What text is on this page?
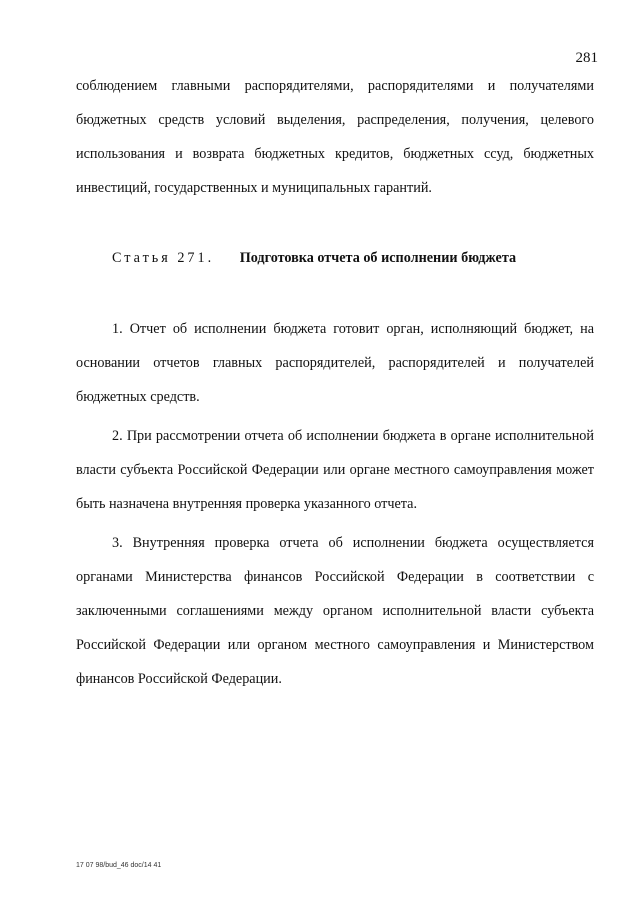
281
соблюдением главными распорядителями, распорядителями и получателями бюджетных средств условий выделения, распределения, получения, целевого использования и возврата бюджетных кредитов, бюджетных ссуд, бюджетных инвестиций, государственных и муниципальных гарантий.
Статья 271. Подготовка отчета об исполнении бюджета

1. Отчет об исполнении бюджета готовит орган, исполняющий бюджет, на основании отчетов главных распорядителей, распорядителей и получателей бюджетных средств.

2. При рассмотрении отчета об исполнении бюджета в органе исполнительной власти субъекта Российской Федерации или органе местного самоуправления может быть назначена внутренняя проверка указанного отчета.

3. Внутренняя проверка отчета об исполнении бюджета осуществляется органами Министерства финансов Российской Федерации в соответствии с заключенными соглашениями между органом исполнительной власти субъекта Российской Федерации или органом местного самоуправления и Министерством финансов Российской Федерации.

17 07 98/bud_46 doc/14 41
